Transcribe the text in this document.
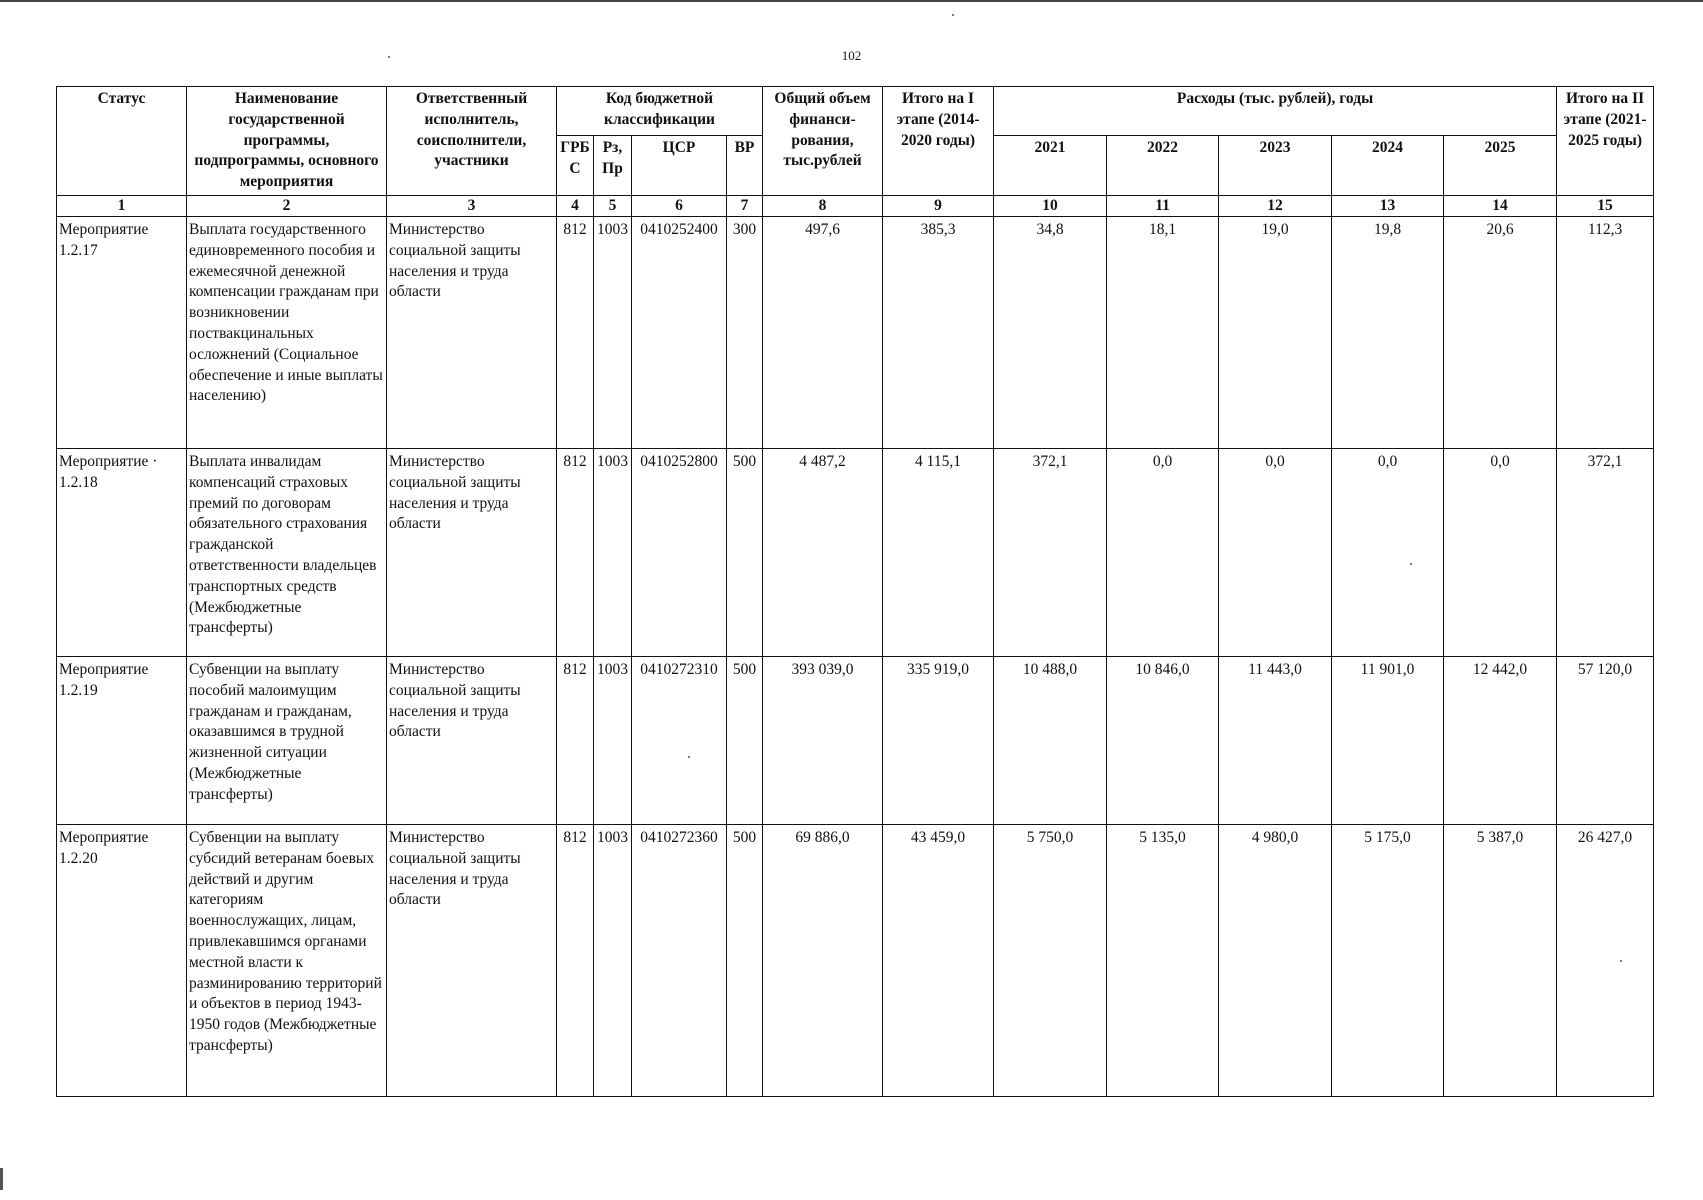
102
Статус	Наименование государственной программы, подпрограммы, основного мероприятия	Ответственный исполнитель, соисполнители, участники	Код бюджетной классификации				Общий объем финанси-рования, тыс.рублей	Итого на I этапе (2014-2020 годы)	Расходы (тыс. рублей), годы					Итого на II этапе (2021-2025 годы)
			ГРБ С	Рз, Пр	ЦСР	ВР			2021	2022	2023	2024	2025	
1	2	3	4	5	6	7	8	9	10	11	12	13	14	15
Мероприятие 1.2.17	Выплата государственного единовременного пособия и ежемесячной денежной компенсации гражданам при возникновении поствакцинальных осложнений (Социальное обеспечение и иные выплаты населению)	Министерство социальной защиты населения и труда области	812	1003	0410252400	300	497,6	385,3	34,8	18,1	19,0	19,8	20,6	112,3
Мероприятие · 1.2.18	Выплата инвалидам компенсаций страховых премий по договорам обязательного страхования гражданской ответственности владельцев транспортных средств (Межбюджетные трансферты)	Министерство социальной защиты населения и труда области	812	1003	0410252800	500	4 487,2	4 115,1	372,1	0,0	0,0	0,0	0,0	372,1
Мероприятие 1.2.19	Субвенции на выплату пособий малоимущим гражданам и гражданам, оказавшимся в трудной жизненной ситуации (Межбюджетные трансферты)	Министерство социальной защиты населения и труда области	812	1003	0410272310	500	393 039,0	335 919,0	10 488,0	10 846,0	11 443,0	11 901,0	12 442,0	57 120,0
Мероприятие 1.2.20	Субвенции на выплату субсидий ветеранам боевых действий и другим категориям военнослужащих, лицам, привлекавшимся органами местной власти к разминированию территорий и объектов в период 1943-1950 годов (Межбюджетные трансферты)	Министерство социальной защиты населения и труда области	812	1003	0410272360	500	69 886,0	43 459,0	5 750,0	5 135,0	4 980,0	5 175,0	5 387,0	26 427,0
